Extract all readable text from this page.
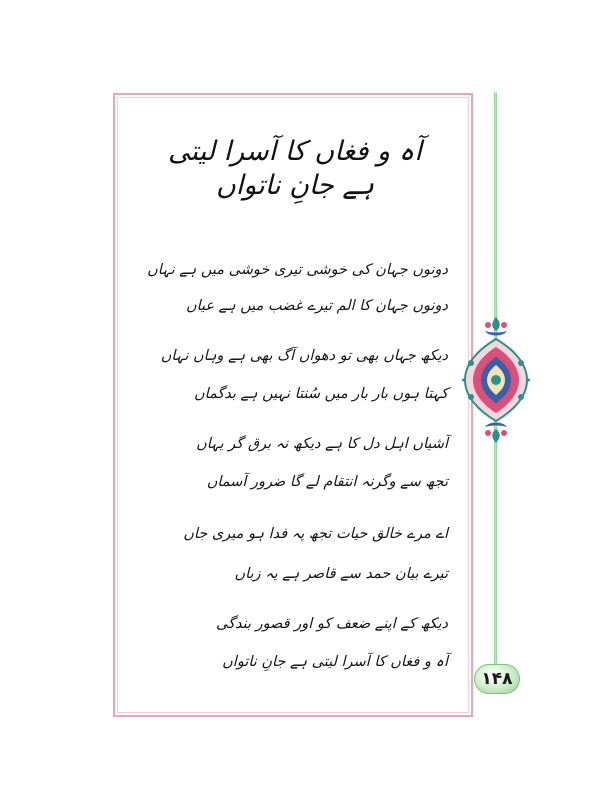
۱۴۸
آہ و فغاں کا آسرا لیتی ہے جانِ ناتواں
دونوں جہان کی خوشی تیری خوشی میں ہے نہاں
دونوں جہان کا الم تیرے غضب میں ہے عیاں
دیکھ جہاں بھی تو دھواں آگ بھی ہے وہاں نہاں
کہتا ہوں بار بار میں سُنتا نہیں ہے بدگماں
آشیاں اہل دل کا ہے دیکھ نہ برق گر یہاں
تجھ سے وگرنہ انتقام لے گا ضرور آسماں
اے مرے خالق حیات تجھ پہ فدا ہو میری جاں
تیرے بیان حمد سے قاصر ہے یہ زباں
دیکھ کے اپنے ضعف کو اور قصور بندگی
آہ و فغاں کا آسرا لیتی ہے جانِ ناتواں
